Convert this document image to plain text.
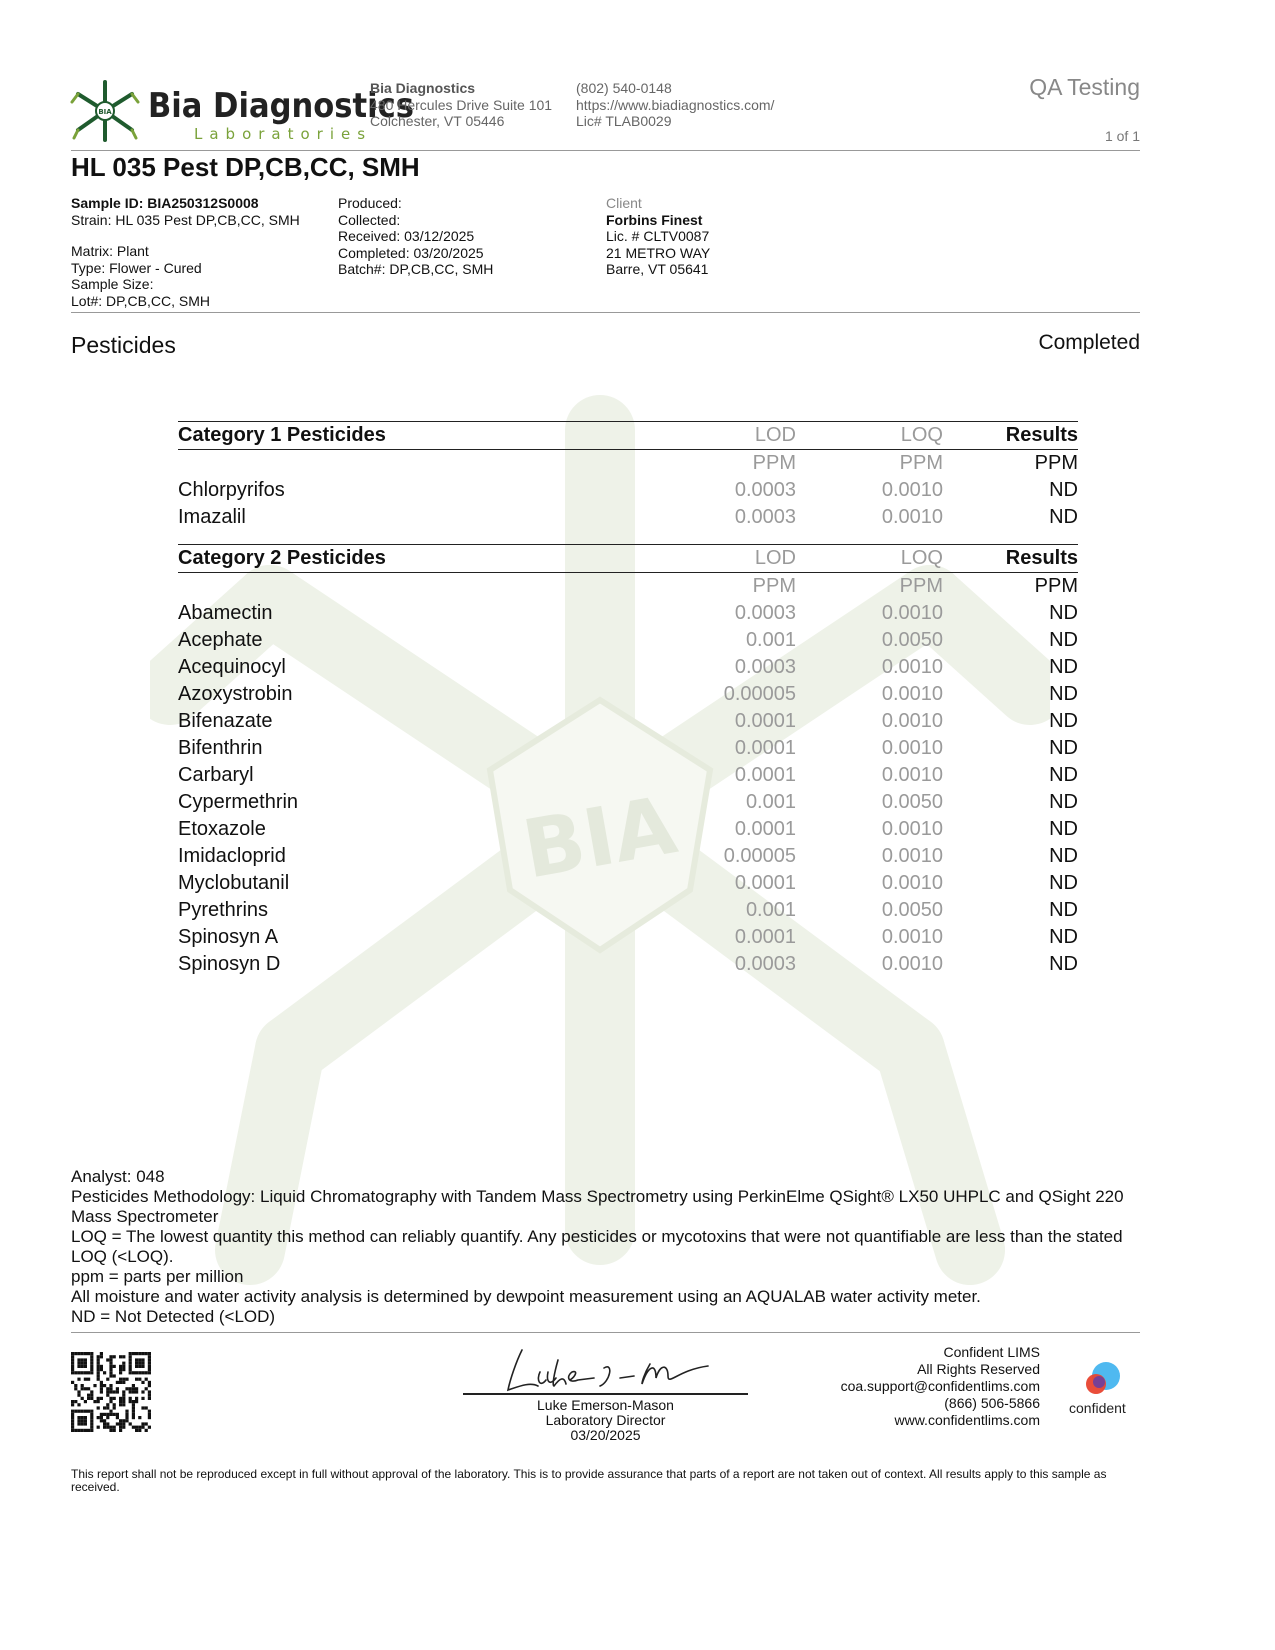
BIA
BIA Bia Diagnostics
Laboratories
Bia Diagnostics
480 Hercules Drive Suite 101
Colchester, VT 05446
(802) 540-0148
https://www.biadiagnostics.com/
Lic# TLAB0029
QA Testing
1 of 1
HL 035 Pest DP,CB,CC, SMH
Sample ID: BIA250312S0008
Strain: HL 035 Pest DP,CB,CC, SMH
Matrix: Plant
Type: Flower - Cured
Sample Size:
Lot#: DP,CB,CC, SMH
Produced:
Collected:
Received: 03/12/2025
Completed: 03/20/2025
Batch#: DP,CB,CC, SMH
Client
Forbins Finest
Lic. # CLTV0087
21 METRO WAY
Barre, VT 05641
Pesticides	Completed
Category 1 Pesticides	LOD	LOQ	Results
	PPM	PPM	PPM
Chlorpyrifos	0.0003	0.0010	ND
Imazalil	0.0003	0.0010	ND
Category 2 Pesticides	LOD	LOQ	Results
	PPM	PPM	PPM
Abamectin	0.0003	0.0010	ND
Acephate	0.001	0.0050	ND
Acequinocyl	0.0003	0.0010	ND
Azoxystrobin	0.00005	0.0010	ND
Bifenazate	0.0001	0.0010	ND
Bifenthrin	0.0001	0.0010	ND
Carbaryl	0.0001	0.0010	ND
Cypermethrin	0.001	0.0050	ND
Etoxazole	0.0001	0.0010	ND
Imidacloprid	0.00005	0.0010	ND
Myclobutanil	0.0001	0.0010	ND
Pyrethrins	0.001	0.0050	ND
Spinosyn A	0.0001	0.0010	ND
Spinosyn D	0.0003	0.0010	ND
Analyst: 048
Pesticides Methodology: Liquid Chromatography with Tandem Mass Spectrometry using PerkinElme QSight® LX50 UHPLC and QSight 220
Mass Spectrometer
LOQ = The lowest quantity this method can reliably quantify. Any pesticides or mycotoxins that were not quantifiable are less than the stated
LOQ (<LOQ).
ppm = parts per million
All moisture and water activity analysis is determined by dewpoint measurement using an AQUALAB water activity meter.
ND = Not Detected (<LOD)
Luke Emerson-Mason
Laboratory Director
03/20/2025
Confident LIMS
All Rights Reserved
coa.support@confidentlims.com
(866) 506-5866
www.confidentlims.com
confident
This report shall not be reproduced except in full without approval of the laboratory. This is to provide assurance that parts of a report are not taken out of context. All results apply to this sample as received.
